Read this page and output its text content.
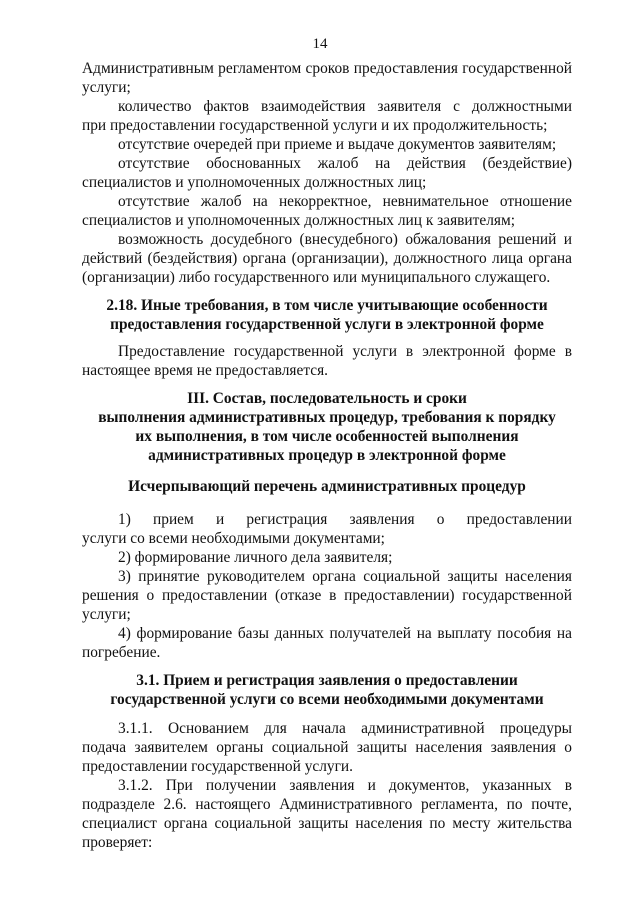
14

Административным регламентом сроков предоставления государственной

услуги;

количество фактов взаимодействия заявителя с должностными

при предоставлении государственной услуги и их продолжительность;

отсутствие очередей при приеме и выдаче документов заявителям;

отсутствие обоснованных жалоб на действия (бездействие)

специалистов и уполномоченных должностных лиц;

отсутствие жалоб на некорректное, невнимательное отношение

специалистов и уполномоченных должностных лиц к заявителям;

возможность досудебного (внесудебного) обжалования решений и

действий (бездействия) органа (организации), должностного лица органа

(организации) либо государственного или муниципального служащего.

2.18. Иные требования, в том числе учитывающие особенности

предоставления государственной услуги в электронной форме

Предоставление государственной услуги в электронной форме в

настоящее время не предоставляется.

III. Состав, последовательность и сроки

выполнения административных процедур, требования к порядку

их выполнения, в том числе особенностей выполнения

административных процедур в электронной форме

Исчерпывающий перечень административных процедур

1) прием и регистрация заявления о предоставлении

услуги со всеми необходимыми документами;

2) формирование личного дела заявителя;

3) принятие руководителем органа социальной защиты населения

решения о предоставлении (отказе в предоставлении) государственной

услуги;

4) формирование базы данных получателей на выплату пособия на

погребение.

3.1. Прием и регистрация заявления о предоставлении

государственной услуги со всеми необходимыми документами

3.1.1. Основанием для начала административной процедуры

подача заявителем органы социальной защиты населения заявления о

предоставлении государственной услуги.

3.1.2. При получении заявления и документов, указанных в

подразделе 2.6. настоящего Административного регламента, по почте,

специалист органа социальной защиты населения по месту жительства

проверяет:
